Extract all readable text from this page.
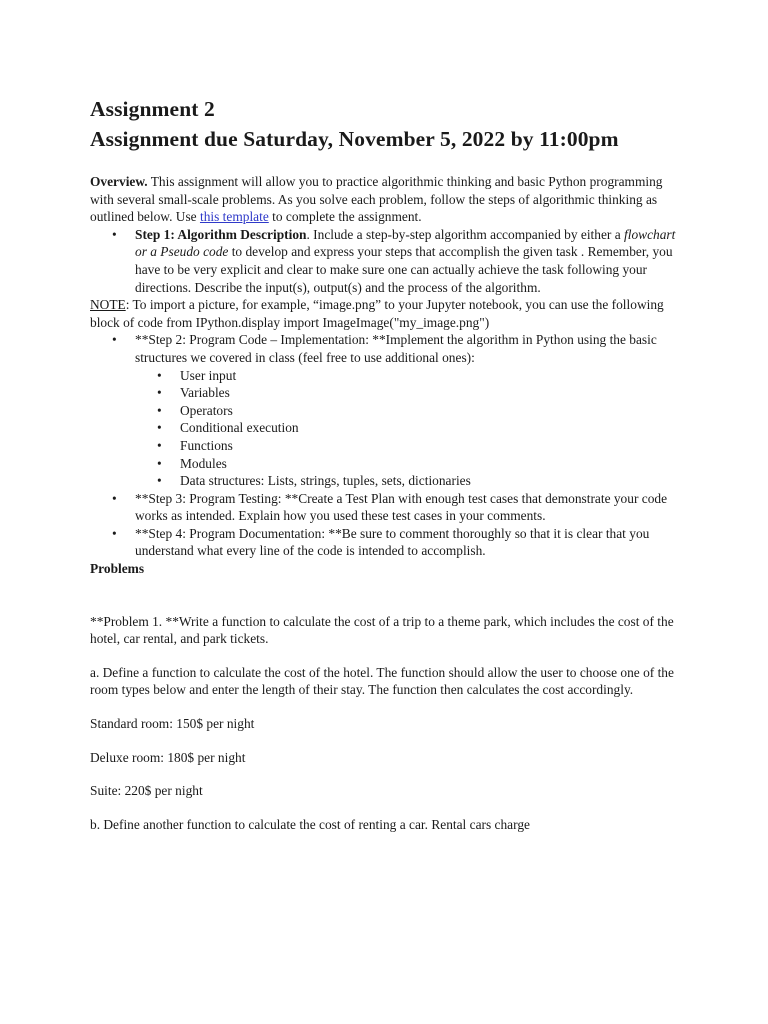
Assignment 2
Assignment due Saturday, November 5, 2022 by 11:00pm
Overview. This assignment will allow you to practice algorithmic thinking and basic Python programming with several small-scale problems. As you solve each problem, follow the steps of algorithmic thinking as outlined below. Use this template to complete the assignment.
• Step 1: Algorithm Description. Include a step-by-step algorithm accompanied by either a flowchart or a Pseudo code to develop and express your steps that accomplish the given task . Remember, you have to be very explicit and clear to make sure one can actually achieve the task following your directions. Describe the input(s), output(s) and the process of the algorithm.
NOTE: To import a picture, for example, “image.png” to your Jupyter notebook, you can use the following block of code from IPython.display import ImageImage("my_image.png")
• **Step 2: Program Code – Implementation: **Implement the algorithm in Python using the basic structures we covered in class (feel free to use additional ones):
• User input
• Variables
• Operators
• Conditional execution
• Functions
• Modules
• Data structures: Lists, strings, tuples, sets, dictionaries
• **Step 3: Program Testing: **Create a Test Plan with enough test cases that demonstrate your code works as intended. Explain how you used these test cases in your comments.
• **Step 4: Program Documentation: **Be sure to comment thoroughly so that it is clear that you understand what every line of the code is intended to accomplish.
Problems
**Problem 1. **Write a function to calculate the cost of a trip to a theme park, which includes the cost of the hotel, car rental, and park tickets.
a. Define a function to calculate the cost of the hotel. The function should allow the user to choose one of the room types below and enter the length of their stay. The function then calculates the cost accordingly.
Standard room: 150$ per night
Deluxe room: 180$ per night
Suite: 220$ per night
b. Define another function to calculate the cost of renting a car. Rental cars charge
